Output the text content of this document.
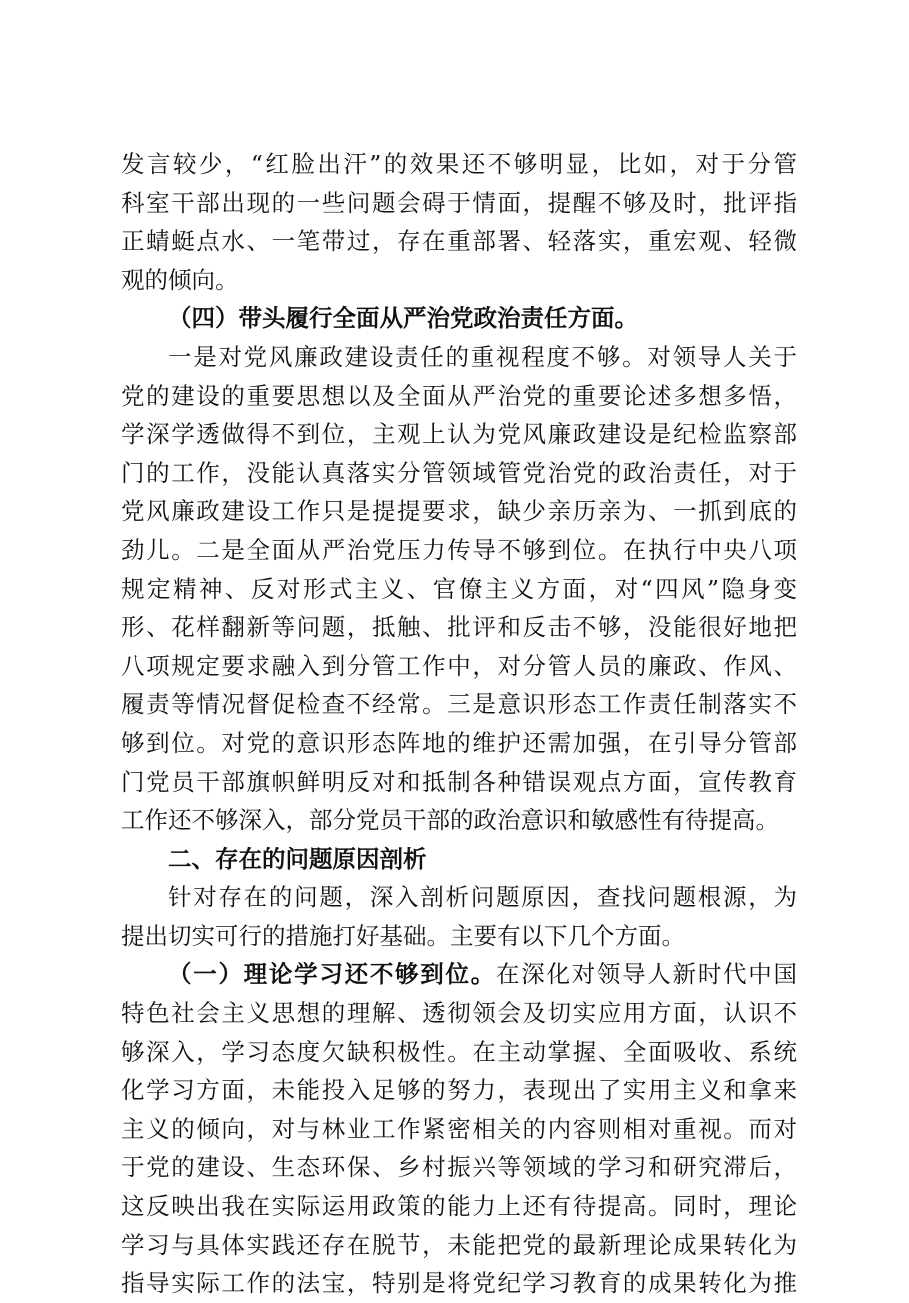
发言较少，“红脸出汗”的效果还不够明显，比如，对于分管
科室干部出现的一些问题会碍于情面，提醒不够及时，批评指
正蜻蜓点水、一笔带过，存在重部署、轻落实，重宏观、轻微
观的倾向。
（四）带头履行全面从严治党政治责任方面。
一是对党风廉政建设责任的重视程度不够。对领导人关于
党的建设的重要思想以及全面从严治党的重要论述多想多悟，
学深学透做得不到位，主观上认为党风廉政建设是纪检监察部
门的工作，没能认真落实分管领域管党治党的政治责任，对于
党风廉政建设工作只是提提要求，缺少亲历亲为、一抓到底的
劲儿。二是全面从严治党压力传导不够到位。在执行中央八项
规定精神、反对形式主义、官僚主义方面，对“四风”隐身变
形、花样翻新等问题，抵触、批评和反击不够，没能很好地把
八项规定要求融入到分管工作中，对分管人员的廉政、作风、
履责等情况督促检查不经常。三是意识形态工作责任制落实不
够到位。对党的意识形态阵地的维护还需加强，在引导分管部
门党员干部旗帜鲜明反对和抵制各种错误观点方面，宣传教育
工作还不够深入，部分党员干部的政治意识和敏感性有待提高。
二、存在的问题原因剖析
针对存在的问题，深入剖析问题原因，查找问题根源，为
提出切实可行的措施打好基础。主要有以下几个方面。
（一）理论学习还不够到位。在深化对领导人新时代中国
特色社会主义思想的理解、透彻领会及切实应用方面，认识不
够深入，学习态度欠缺积极性。在主动掌握、全面吸收、系统
化学习方面，未能投入足够的努力，表现出了实用主义和拿来
主义的倾向，对与林业工作紧密相关的内容则相对重视。而对
于党的建设、生态环保、乡村振兴等领域的学习和研究滞后，
这反映出我在实际运用政策的能力上还有待提高。同时，理论
学习与具体实践还存在脱节，未能把党的最新理论成果转化为
指导实际工作的法宝，特别是将党纪学习教育的成果转化为推
